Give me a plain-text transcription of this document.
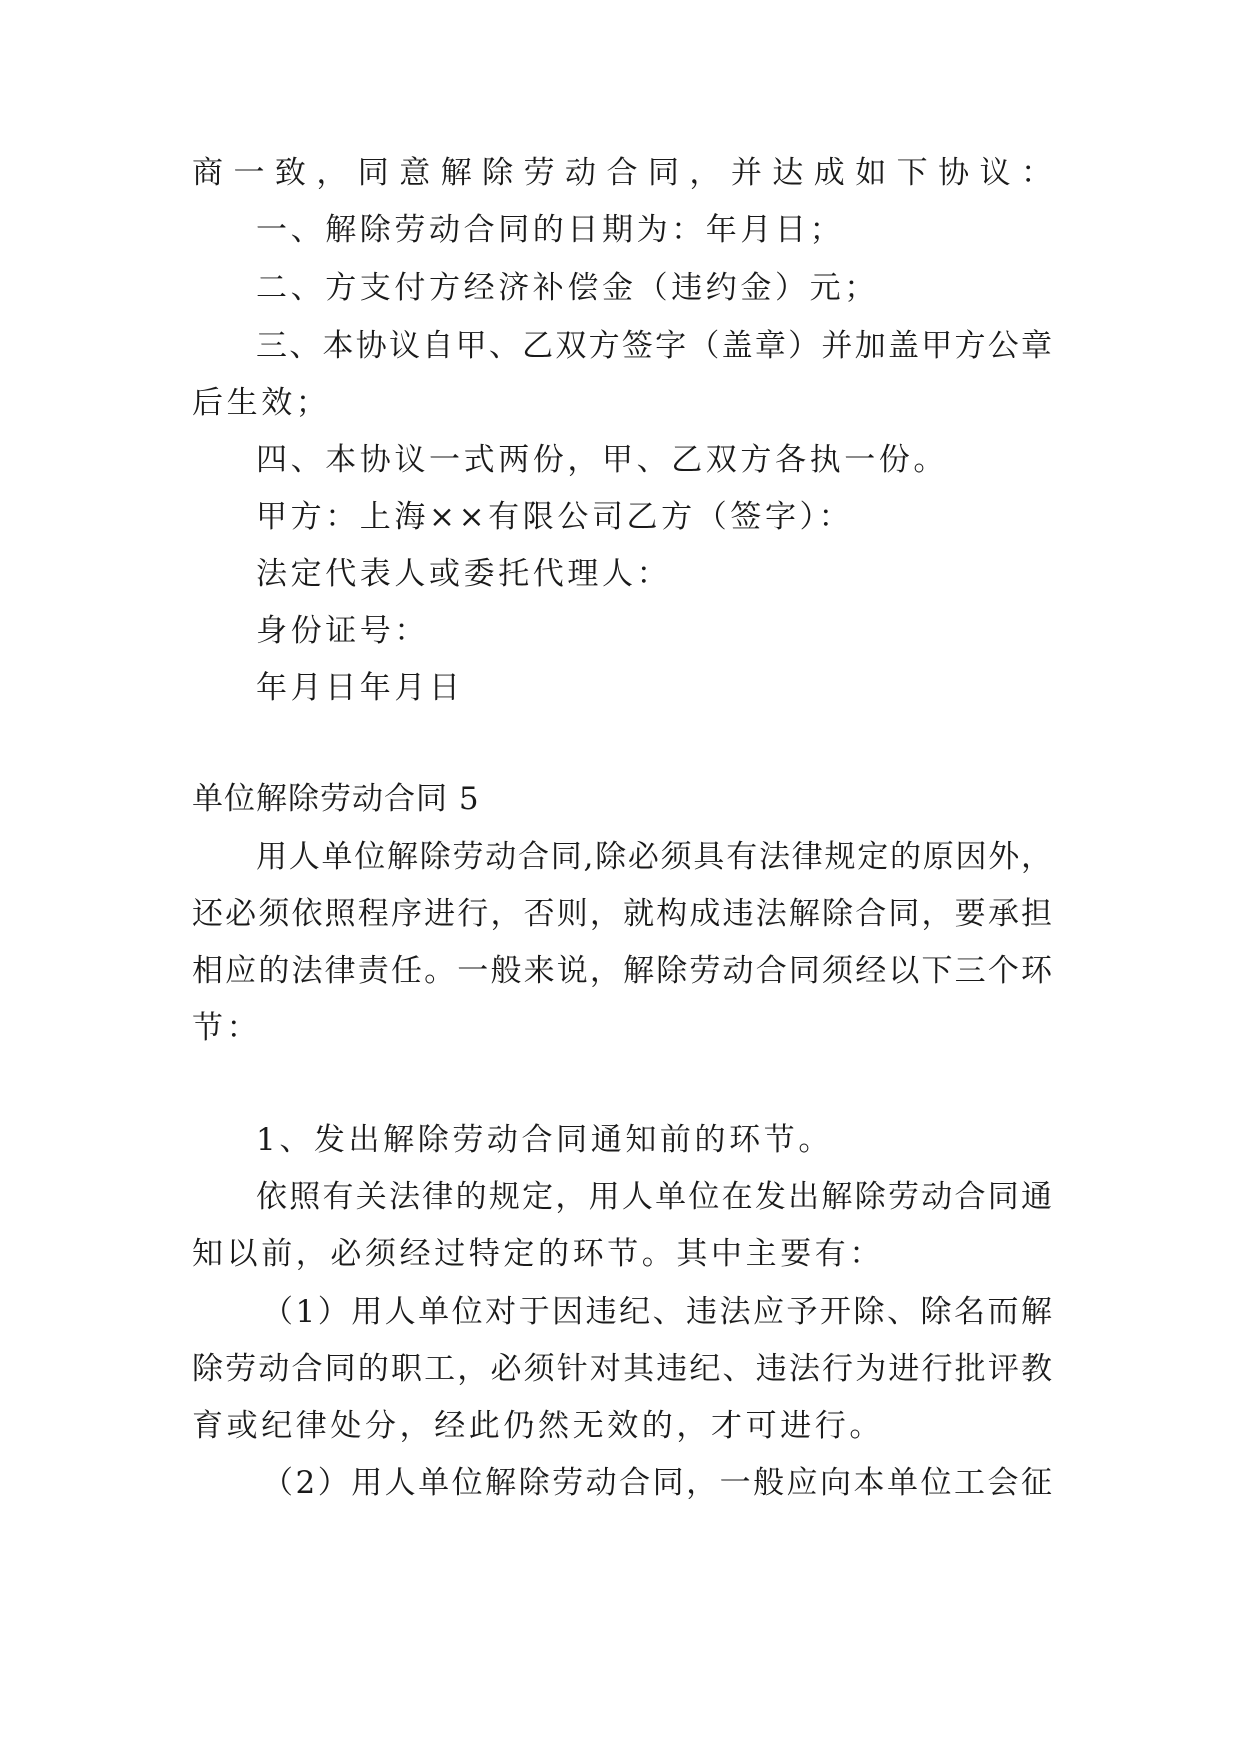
商一致，同意解除劳动合同，并达成如下协议：
一、解除劳动合同的日期为：年月日；
二、方支付方经济补偿金（违约金）元；
三、本协议自甲、乙双方签字（盖章）并加盖甲方公章
后生效；
四、本协议一式两份，甲、乙双方各执一份。
甲方：上海××有限公司乙方（签字）：
法定代表人或委托代理人：
身份证号：
年月日年月日
单位解除劳动合同 5
用人单位解除劳动合同,除必须具有法律规定的原因外，
还必须依照程序进行，否则，就构成违法解除合同，要承担
相应的法律责任。一般来说，解除劳动合同须经以下三个环
节：
1、发出解除劳动合同通知前的环节。
依照有关法律的规定，用人单位在发出解除劳动合同通
知以前，必须经过特定的环节。其中主要有：
（1）用人单位对于因违纪、违法应予开除、除名而解
除劳动合同的职工，必须针对其违纪、违法行为进行批评教
育或纪律处分，经此仍然无效的，才可进行。
（2）用人单位解除劳动合同，一般应向本单位工会征
